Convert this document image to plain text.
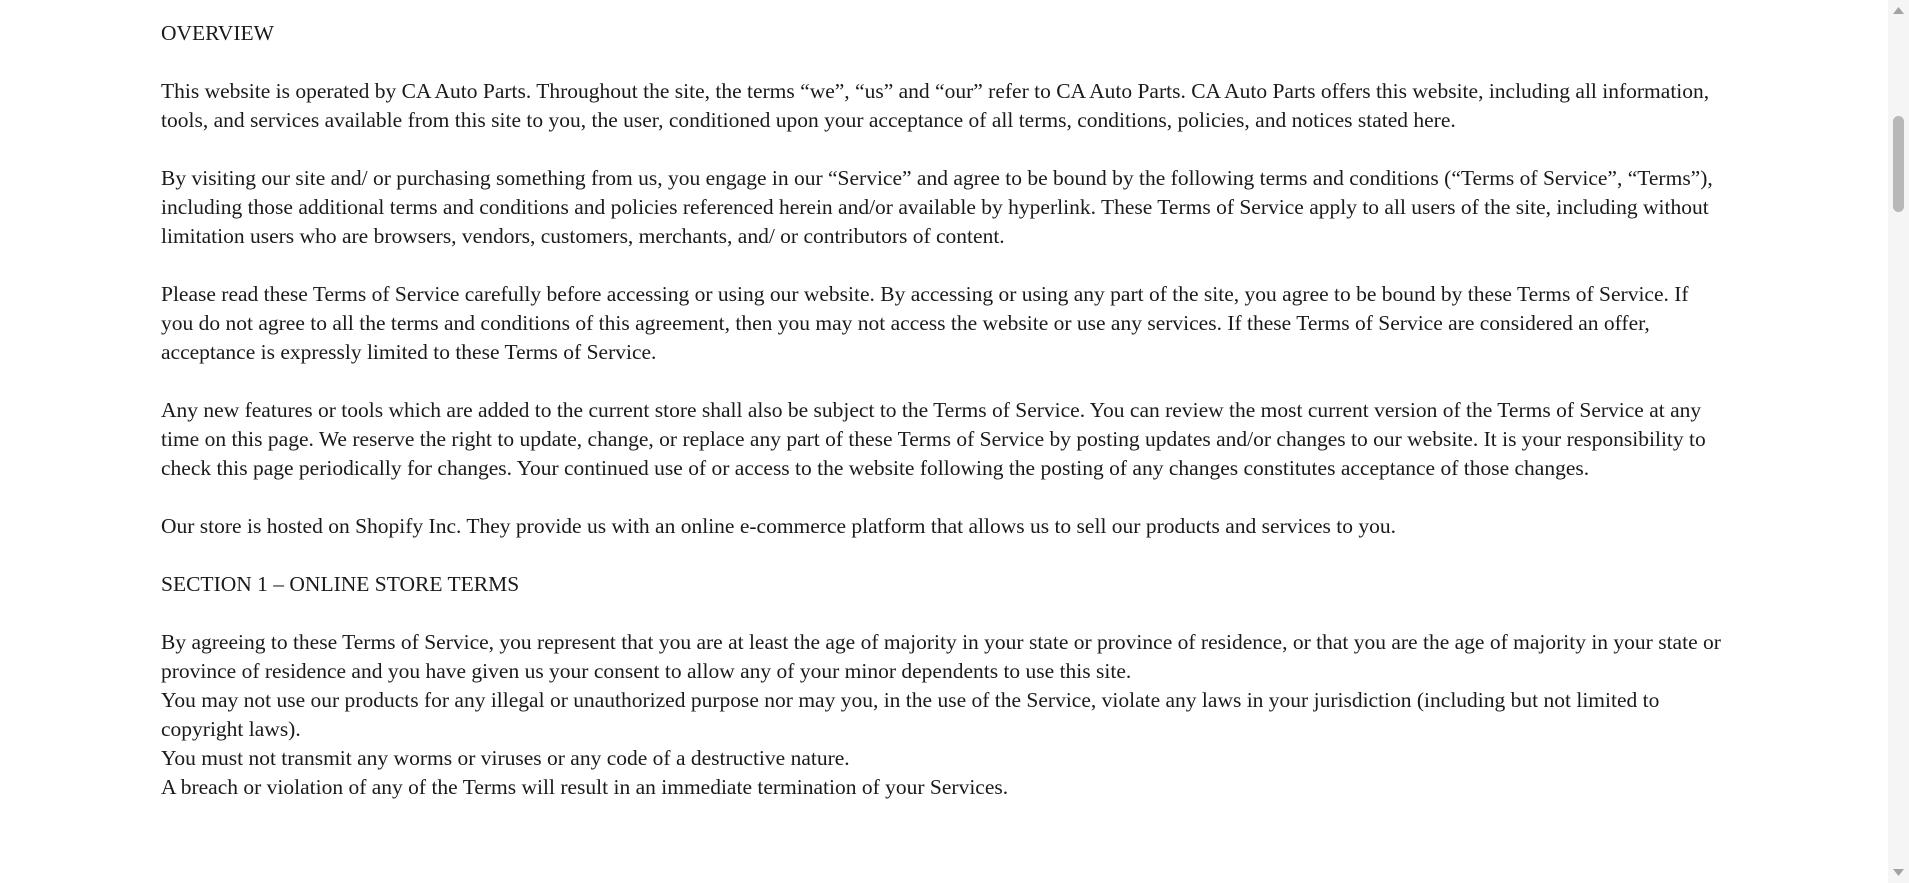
OVERVIEW

This website is operated by CA Auto Parts. Throughout the site, the terms “we”, “us” and “our” refer to CA Auto Parts. CA Auto Parts offers this website, including all information, tools, and services available from this site to you, the user, conditioned upon your acceptance of all terms, conditions, policies, and notices stated here.

By visiting our site and/ or purchasing something from us, you engage in our “Service” and agree to be bound by the following terms and conditions (“Terms of Service”, “Terms”), including those additional terms and conditions and policies referenced herein and/or available by hyperlink. These Terms of Service apply to all users of the site, including without limitation users who are browsers, vendors, customers, merchants, and/ or contributors of content.

Please read these Terms of Service carefully before accessing or using our website. By accessing or using any part of the site, you agree to be bound by these Terms of Service. If you do not agree to all the terms and conditions of this agreement, then you may not access the website or use any services. If these Terms of Service are considered an offer, acceptance is expressly limited to these Terms of Service.

Any new features or tools which are added to the current store shall also be subject to the Terms of Service. You can review the most current version of the Terms of Service at any time on this page. We reserve the right to update, change, or replace any part of these Terms of Service by posting updates and/or changes to our website. It is your responsibility to check this page periodically for changes. Your continued use of or access to the website following the posting of any changes constitutes acceptance of those changes.

Our store is hosted on Shopify Inc. They provide us with an online e-commerce platform that allows us to sell our products and services to you.

SECTION 1 – ONLINE STORE TERMS

By agreeing to these Terms of Service, you represent that you are at least the age of majority in your state or province of residence, or that you are the age of majority in your state or province of residence and you have given us your consent to allow any of your minor dependents to use this site.

You may not use our products for any illegal or unauthorized purpose nor may you, in the use of the Service, violate any laws in your jurisdiction (including but not limited to copyright laws).

You must not transmit any worms or viruses or any code of a destructive nature.

A breach or violation of any of the Terms will result in an immediate termination of your Services.
